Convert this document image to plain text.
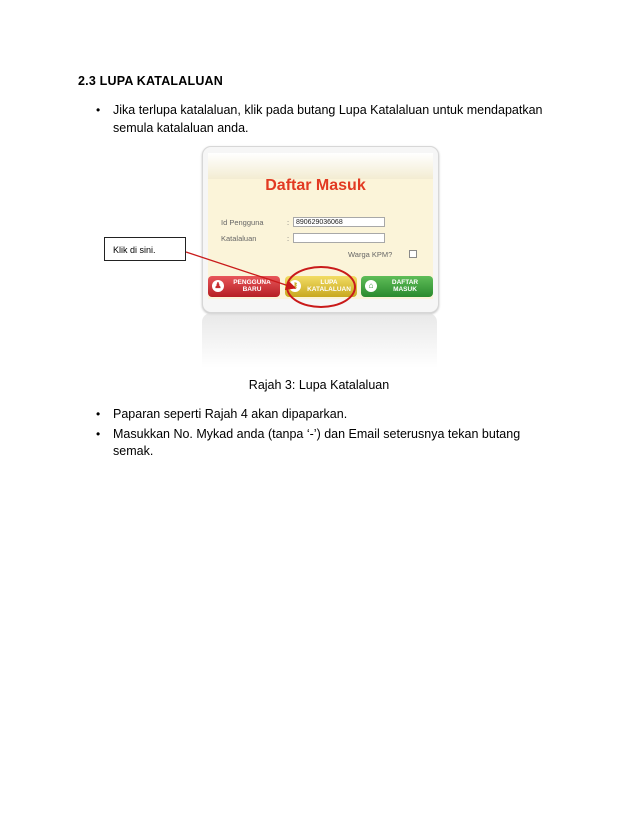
2.3 LUPA KATALALUAN
• Jika terlupa katalaluan, klik pada butang Lupa Katalaluan untuk mendapatkan
semula katalaluan anda.
Daftar Masuk
Id Pengguna	: 890629036068
Katalaluan	:
Warga KPM?
♟	PENGGUNA
BARU	⚷	LUPA
KATALALUAN	⌂	DAFTAR
MASUK
Klik di sini.
Rajah 3: Lupa Katalaluan
• Paparan seperti Rajah 4 akan dipaparkan.
• Masukkan No. Mykad anda (tanpa ‘-’) dan Email seterusnya tekan butang
semak.
